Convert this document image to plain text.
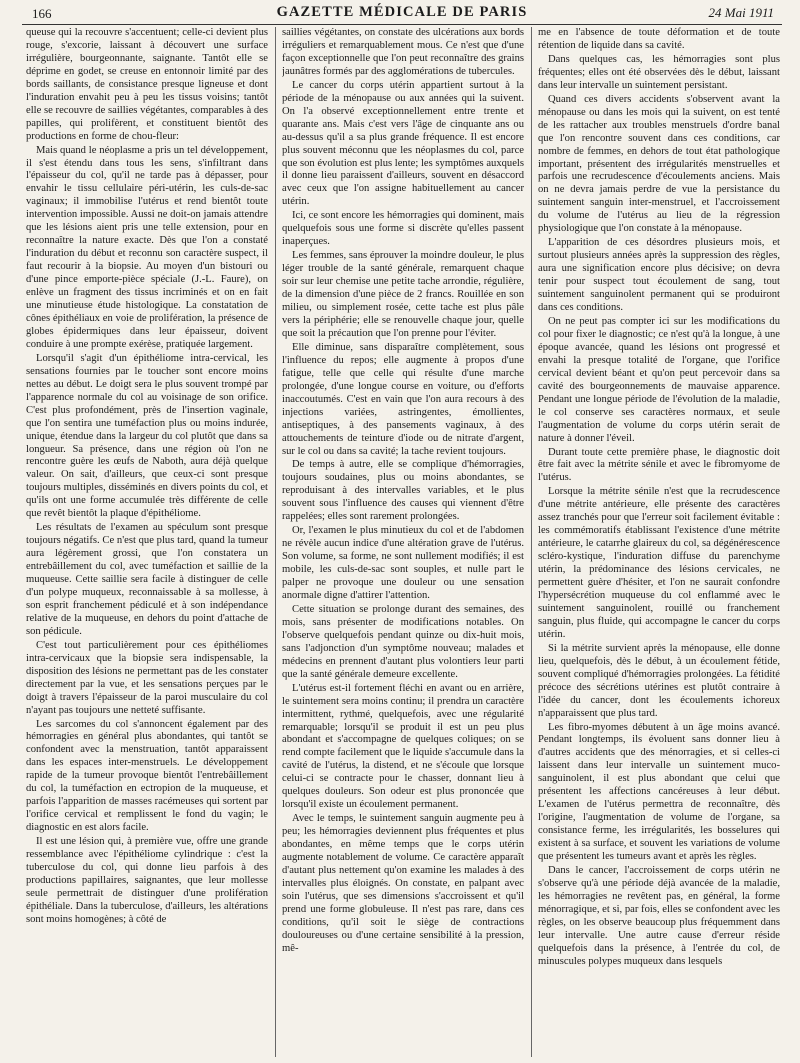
166	GAZETTE MÉDICALE DE PARIS	24 Mai 1911

queuse qui la recouvre s'accentuent; celle-ci devient plus rouge, s'excorie, laissant à découvert une surface irrégulière, bourgeonnante, saignante. Tantôt elle se déprime en godet, se creuse en entonnoir limité par des bords saillants, de consistance presque ligneuse et dont l'induration envahit peu à peu les tissus voisins; tantôt elle se recouvre de saillies végétantes, comparables à des papilles, qui prolifèrent, et constituent bientôt des productions en forme de chou-fleur:

Mais quand le néoplasme a pris un tel développement, il s'est étendu dans tous les sens, s'infiltrant dans l'épaisseur du col, qu'il ne tarde pas à dépasser, pour envahir le tissu cellulaire péri-utérin, les culs-de-sac vaginaux; il immobilise l'utérus et rend bientôt toute intervention impossible. Aussi ne doit-on jamais attendre que les lésions aient pris une telle extension, pour en reconnaître la nature exacte. Dès que l'on a constaté l'induration du début et reconnu son caractère suspect, il faut recourir à la biopsie. Au moyen d'un bistouri ou d'une pince emporte-pièce spéciale (J.-L. Faure), on enlève un fragment des tissus incriminés et on en fait une minutieuse étude histologique. La constatation de cônes épithéliaux en voie de prolifération, la présence de globes épidermiques dans leur épaisseur, doivent conduire à une prompte exérèse, pratiquée largement.

Lorsqu'il s'agit d'un épithéliome intra-cervical, les sensations fournies par le toucher sont encore moins nettes au début. Le doigt sera le plus souvent trompé par l'apparence normale du col au voisinage de son orifice. C'est plus profondément, près de l'insertion vaginale, que l'on sentira une tuméfaction plus ou moins indurée, unique, étendue dans la largeur du col plutôt que dans sa longueur. Sa présence, dans une région où l'on ne rencontre guère les œufs de Naboth, aura déjà quelque valeur. On sait, d'ailleurs, que ceux-ci sont presque toujours multiples, disséminés en divers points du col, et qu'ils ont une forme accumulée très différente de celle que revêt bientôt la plaque d'épithéliome.

Les résultats de l'examen au spéculum sont presque toujours négatifs. Ce n'est que plus tard, quand la tumeur aura légèrement grossi, que l'on constatera un entrebâillement du col, avec tuméfaction et saillie de la muqueuse. Cette saillie sera facile à distinguer de celle d'un polype muqueux, reconnaissable à sa mollesse, à son esprit franchement pédiculé et à son indépendance relative de la muqueuse, en dehors du point d'attache de son pédicule.

C'est tout particulièrement pour ces épithéliomes intra-cervicaux que la biopsie sera indispensable, la disposition des lésions ne permettant pas de les constater directement par la vue, et les sensations perçues par le doigt à travers l'épaisseur de la paroi musculaire du col n'ayant pas toujours une netteté suffisante.

Les sarcomes du col s'annoncent également par des hémorragies en général plus abondantes, qui tantôt se confondent avec la menstruation, tantôt apparaissent dans les espaces inter-menstruels. Le développement rapide de la tumeur provoque bientôt l'entrebâillement du col, la tuméfaction en ectropion de la muqueuse, et parfois l'apparition de masses racémeuses qui sortent par l'orifice cervical et remplissent le fond du vagin; le diagnostic en est alors facile.

Il est une lésion qui, à première vue, offre une grande ressemblance avec l'épithéliome cylindrique : c'est la tuberculose du col, qui donne lieu parfois à des productions papillaires, saignantes, que leur mollesse seule permettrait de distinguer d'une prolifération épithéliale. Dans la tuberculose, d'ailleurs, les altérations sont moins homogènes; à côté de

saillies végétantes, on constate des ulcérations aux bords irréguliers et remarquablement mous. Ce n'est que d'une façon exceptionnelle que l'on peut reconnaître des grains jaunâtres formés par des agglomérations de tubercules.

Le cancer du corps utérin appartient surtout à la période de la ménopause ou aux années qui la suivent. On l'a observé exceptionnellement entre trente et quarante ans. Mais c'est vers l'âge de cinquante ans ou au-dessus qu'il a sa plus grande fréquence. Il est encore plus souvent méconnu que les néoplasmes du col, parce que son évolution est plus lente; les symptômes auxquels il donne lieu paraissent d'ailleurs, souvent en désaccord avec ceux que l'on assigne habituellement au cancer utérin.

Ici, ce sont encore les hémorragies qui dominent, mais quelquefois sous une forme si discrète qu'elles passent inaperçues.

Les femmes, sans éprouver la moindre douleur, le plus léger trouble de la santé générale, remarquent chaque soir sur leur chemise une petite tache arrondie, régulière, de la dimension d'une pièce de 2 francs. Rouillée en son milieu, ou simplement rosée, cette tache est plus pâle vers la périphérie; elle se renouvelle chaque jour, quelle que soit la précaution que l'on prenne pour l'éviter.

Elle diminue, sans disparaître complètement, sous l'influence du repos; elle augmente à propos d'une fatigue, telle que celle qui résulte d'une marche prolongée, d'une longue course en voiture, ou d'efforts inaccoutumés. C'est en vain que l'on aura recours à des injections variées, astringentes, émollientes, antiseptiques, à des pansements vaginaux, à des attouchements de teinture d'iode ou de nitrate d'argent, sur le col ou dans sa cavité; la tache revient toujours.

De temps à autre, elle se complique d'hémorragies, toujours soudaines, plus ou moins abondantes, se reproduisant à des intervalles variables, et le plus souvent sous l'influence des causes qui viennent d'être rappelées; elles sont rarement prolongées.

Or, l'examen le plus minutieux du col et de l'abdomen ne révèle aucun indice d'une altération grave de l'utérus. Son volume, sa forme, ne sont nullement modifiés; il est mobile, les culs-de-sac sont souples, et nulle part le palper ne provoque une douleur ou une sensation anormale digne d'attirer l'attention.

Cette situation se prolonge durant des semaines, des mois, sans présenter de modifications notables. On l'observe quelquefois pendant quinze ou dix-huit mois, sans l'adjonction d'un symptôme nouveau; malades et médecins en prennent d'autant plus volontiers leur parti que la santé générale demeure excellente.

L'utérus est-il fortement fléchi en avant ou en arrière, le suintement sera moins continu; il prendra un caractère intermittent, rythmé, quelquefois, avec une régularité remarquable; lorsqu'il se produit il est un peu plus abondant et s'accompagne de quelques coliques; on se rend compte facilement que le liquide s'accumule dans la cavité de l'utérus, la distend, et ne s'écoule que lorsque celui-ci se contracte pour le chasser, donnant lieu à quelques douleurs. Son odeur est plus prononcée que lorsqu'il existe un écoulement permanent.

Avec le temps, le suintement sanguin augmente peu à peu; les hémorragies deviennent plus fréquentes et plus abondantes, en même temps que le corps utérin augmente notablement de volume. Ce caractère apparaît d'autant plus nettement qu'on examine les malades à des intervalles plus éloignés. On constate, en palpant avec soin l'utérus, que ses dimensions s'accroissent et qu'il prend une forme globuleuse. Il n'est pas rare, dans ces conditions, qu'il soit le siège de contractions douloureuses ou d'une certaine sensibilité à la pression, mê-

me en l'absence de toute déformation et de toute rétention de liquide dans sa cavité.

Dans quelques cas, les hémorragies sont plus fréquentes; elles ont été observées dès le début, laissant dans leur intervalle un suintement persistant.

Quand ces divers accidents s'observent avant la ménopause ou dans les mois qui la suivent, on est tenté de les rattacher aux troubles menstruels d'ordre banal que l'on rencontre souvent dans ces conditions, car nombre de femmes, en dehors de tout état pathologique important, présentent des irrégularités menstruelles et parfois une recrudescence d'écoulements anciens. Mais on ne devra jamais perdre de vue la persistance du suintement sanguin inter-menstruel, et l'accroissement du volume de l'utérus au lieu de la régression physiologique que l'on constate à la ménopause.

L'apparition de ces désordres plusieurs mois, et surtout plusieurs années après la suppression des règles, aura une signification encore plus décisive; on devra tenir pour suspect tout écoulement de sang, tout suintement sanguinolent permanent qui se produiront dans ces conditions.

On ne peut pas compter ici sur les modifications du col pour fixer le diagnostic; ce n'est qu'à la longue, à une époque avancée, quand les lésions ont progressé et envahi la presque totalité de l'organe, que l'orifice cervical devient béant et qu'on peut percevoir dans sa cavité des bourgeonnements de mauvaise apparence. Pendant une longue période de l'évolution de la maladie, le col conserve ses caractères normaux, et seule l'augmentation de volume du corps utérin serait de nature à donner l'éveil.

Durant toute cette première phase, le diagnostic doit être fait avec la métrite sénile et avec le fibromyome de l'utérus.

Lorsque la métrite sénile n'est que la recrudescence d'une métrite antérieure, elle présente des caractères assez tranchés pour que l'erreur soit facilement évitable : les commémoratifs établissant l'existence d'une métrite antérieure, le catarrhe glaireux du col, sa dégénérescence scléro-kystique, l'induration diffuse du parenchyme utérin, la prédominance des lésions cervicales, ne permettent guère d'hésiter, et l'on ne saurait confondre l'hypersécrétion muqueuse du col enflammé avec le suintement sanguinolent, rouillé ou franchement sanguin, plus fluide, qui accompagne le cancer du corps utérin.

Si la métrite survient après la ménopause, elle donne lieu, quelquefois, dès le début, à un écoulement fétide, souvent compliqué d'hémorragies prolongées. La fétidité précoce des sécrétions utérines est plutôt contraire à l'idée du cancer, dont les écoulements ichoreux n'apparaissent que plus tard.

Les fibro-myomes débutent à un âge moins avancé. Pendant longtemps, ils évoluent sans donner lieu à d'autres accidents que des ménorragies, et si celles-ci laissent dans leur intervalle un suintement muco-sanguinolent, il est plus abondant que celui que présentent les affections cancéreuses à leur début. L'examen de l'utérus permettra de reconnaître, dès l'origine, l'augmentation de volume de l'organe, sa consistance ferme, les irrégularités, les bosselures qui existent à sa surface, et souvent les variations de volume que présentent les tumeurs avant et après les règles.

Dans le cancer, l'accroissement de corps utérin ne s'observe qu'à une période déjà avancée de la maladie, les hémorragies ne revêtent pas, en général, la forme ménorragique, et si, par fois, elles se confondent avec les règles, on les observe beaucoup plus fréquemment dans leur intervalle. Une autre cause d'erreur réside quelquefois dans la présence, à l'entrée du col, de minuscules polypes muqueux dans lesquels
